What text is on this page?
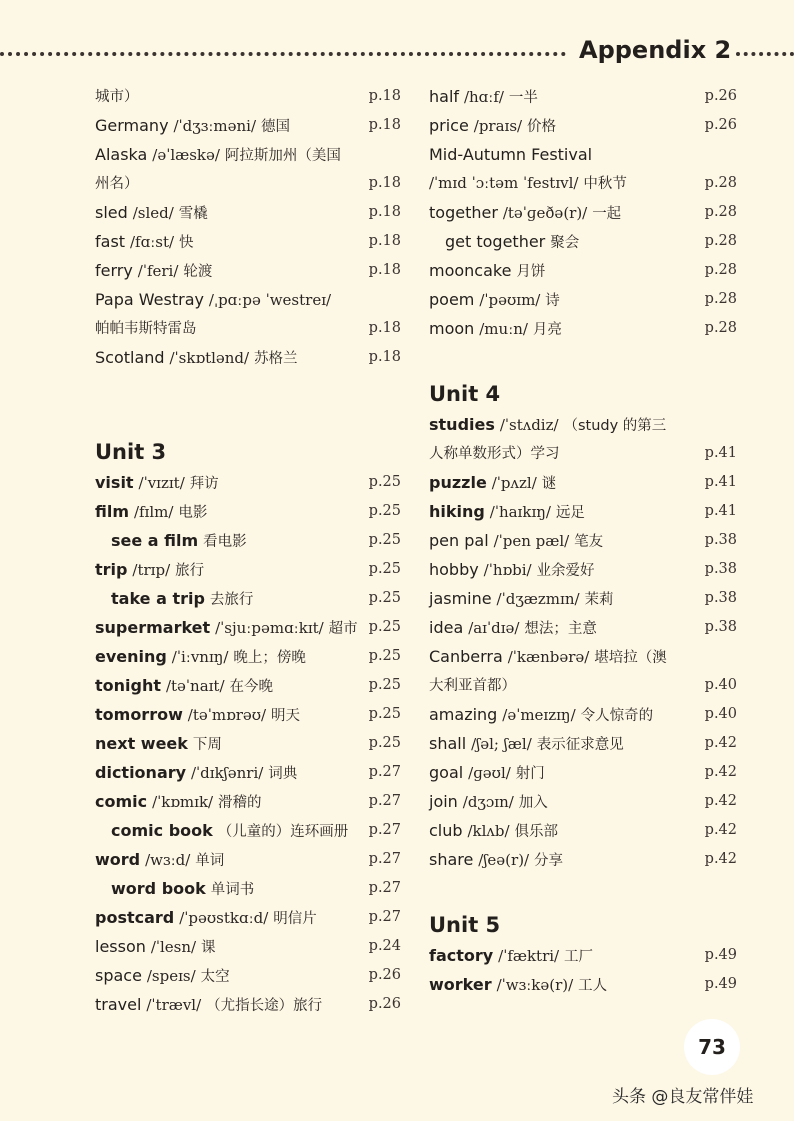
Appendix 2
城市）	p.18
Germany /ˈdʒɜːməni/ 德国	p.18
Alaska /əˈlæskə/ 阿拉斯加州（美国
州名）	p.18
sled /sled/ 雪橇	p.18
fast /fɑːst/ 快	p.18
ferry /ˈferi/ 轮渡	p.18
Papa Westray /ˌpɑːpə ˈwestreɪ/
帕帕韦斯特雷岛	p.18
Scotland /ˈskɒtlənd/ 苏格兰	p.18
Unit 3
visit /ˈvɪzɪt/ 拜访	p.25
film /fɪlm/ 电影	p.25
see a film 看电影	p.25
trip /trɪp/ 旅行	p.25
take a trip 去旅行	p.25
supermarket /ˈsjuːpəmɑːkɪt/ 超市 p.25
evening /ˈiːvnɪŋ/ 晚上；傍晚	p.25
tonight /təˈnaɪt/ 在今晚	p.25
tomorrow /təˈmɒrəʊ/ 明天	p.25
next week 下周	p.25
dictionary /ˈdɪkʃənri/ 词典	p.27
comic /ˈkɒmɪk/ 滑稽的	p.27
comic book （儿童的）连环画册 p.27
word /wɜːd/ 单词	p.27
word book 单词书	p.27
postcard /ˈpəʊstkɑːd/ 明信片	p.27
lesson /ˈlesn/ 课	p.24
space /speɪs/ 太空	p.26
travel /ˈtrævl/ （尤指长途）旅行	p.26
half /hɑːf/ 一半	p.26
price /praɪs/ 价格	p.26
Mid-Autumn Festival
/ˈmɪd ˈɔːtəm ˈfestɪvl/ 中秋节	p.28
together /təˈɡeðə(r)/ 一起	p.28
get together 聚会	p.28
mooncake 月饼	p.28
poem /ˈpəʊɪm/ 诗	p.28
moon /muːn/ 月亮	p.28
Unit 4
studies /ˈstʌdiz/ （study 的第三
人称单数形式）学习	p.41
puzzle /ˈpʌzl/ 谜	p.41
hiking /ˈhaɪkɪŋ/ 远足	p.41
pen pal /ˈpen pæl/ 笔友	p.38
hobby /ˈhɒbi/ 业余爱好	p.38
jasmine /ˈdʒæzmɪn/ 茉莉	p.38
idea /aɪˈdɪə/ 想法；主意	p.38
Canberra /ˈkænbərə/ 堪培拉（澳
大利亚首都）	p.40
amazing /əˈmeɪzɪŋ/ 令人惊奇的	p.40
shall /ʃəl; ʃæl/ 表示征求意见	p.42
goal /ɡəʊl/ 射门	p.42
join /dʒɔɪn/ 加入	p.42
club /klʌb/ 俱乐部	p.42
share /ʃeə(r)/ 分享	p.42
Unit 5
factory /ˈfæktri/ 工厂	p.49
worker /ˈwɜːkə(r)/ 工人	p.49
73
头条 @良友常伴娃
